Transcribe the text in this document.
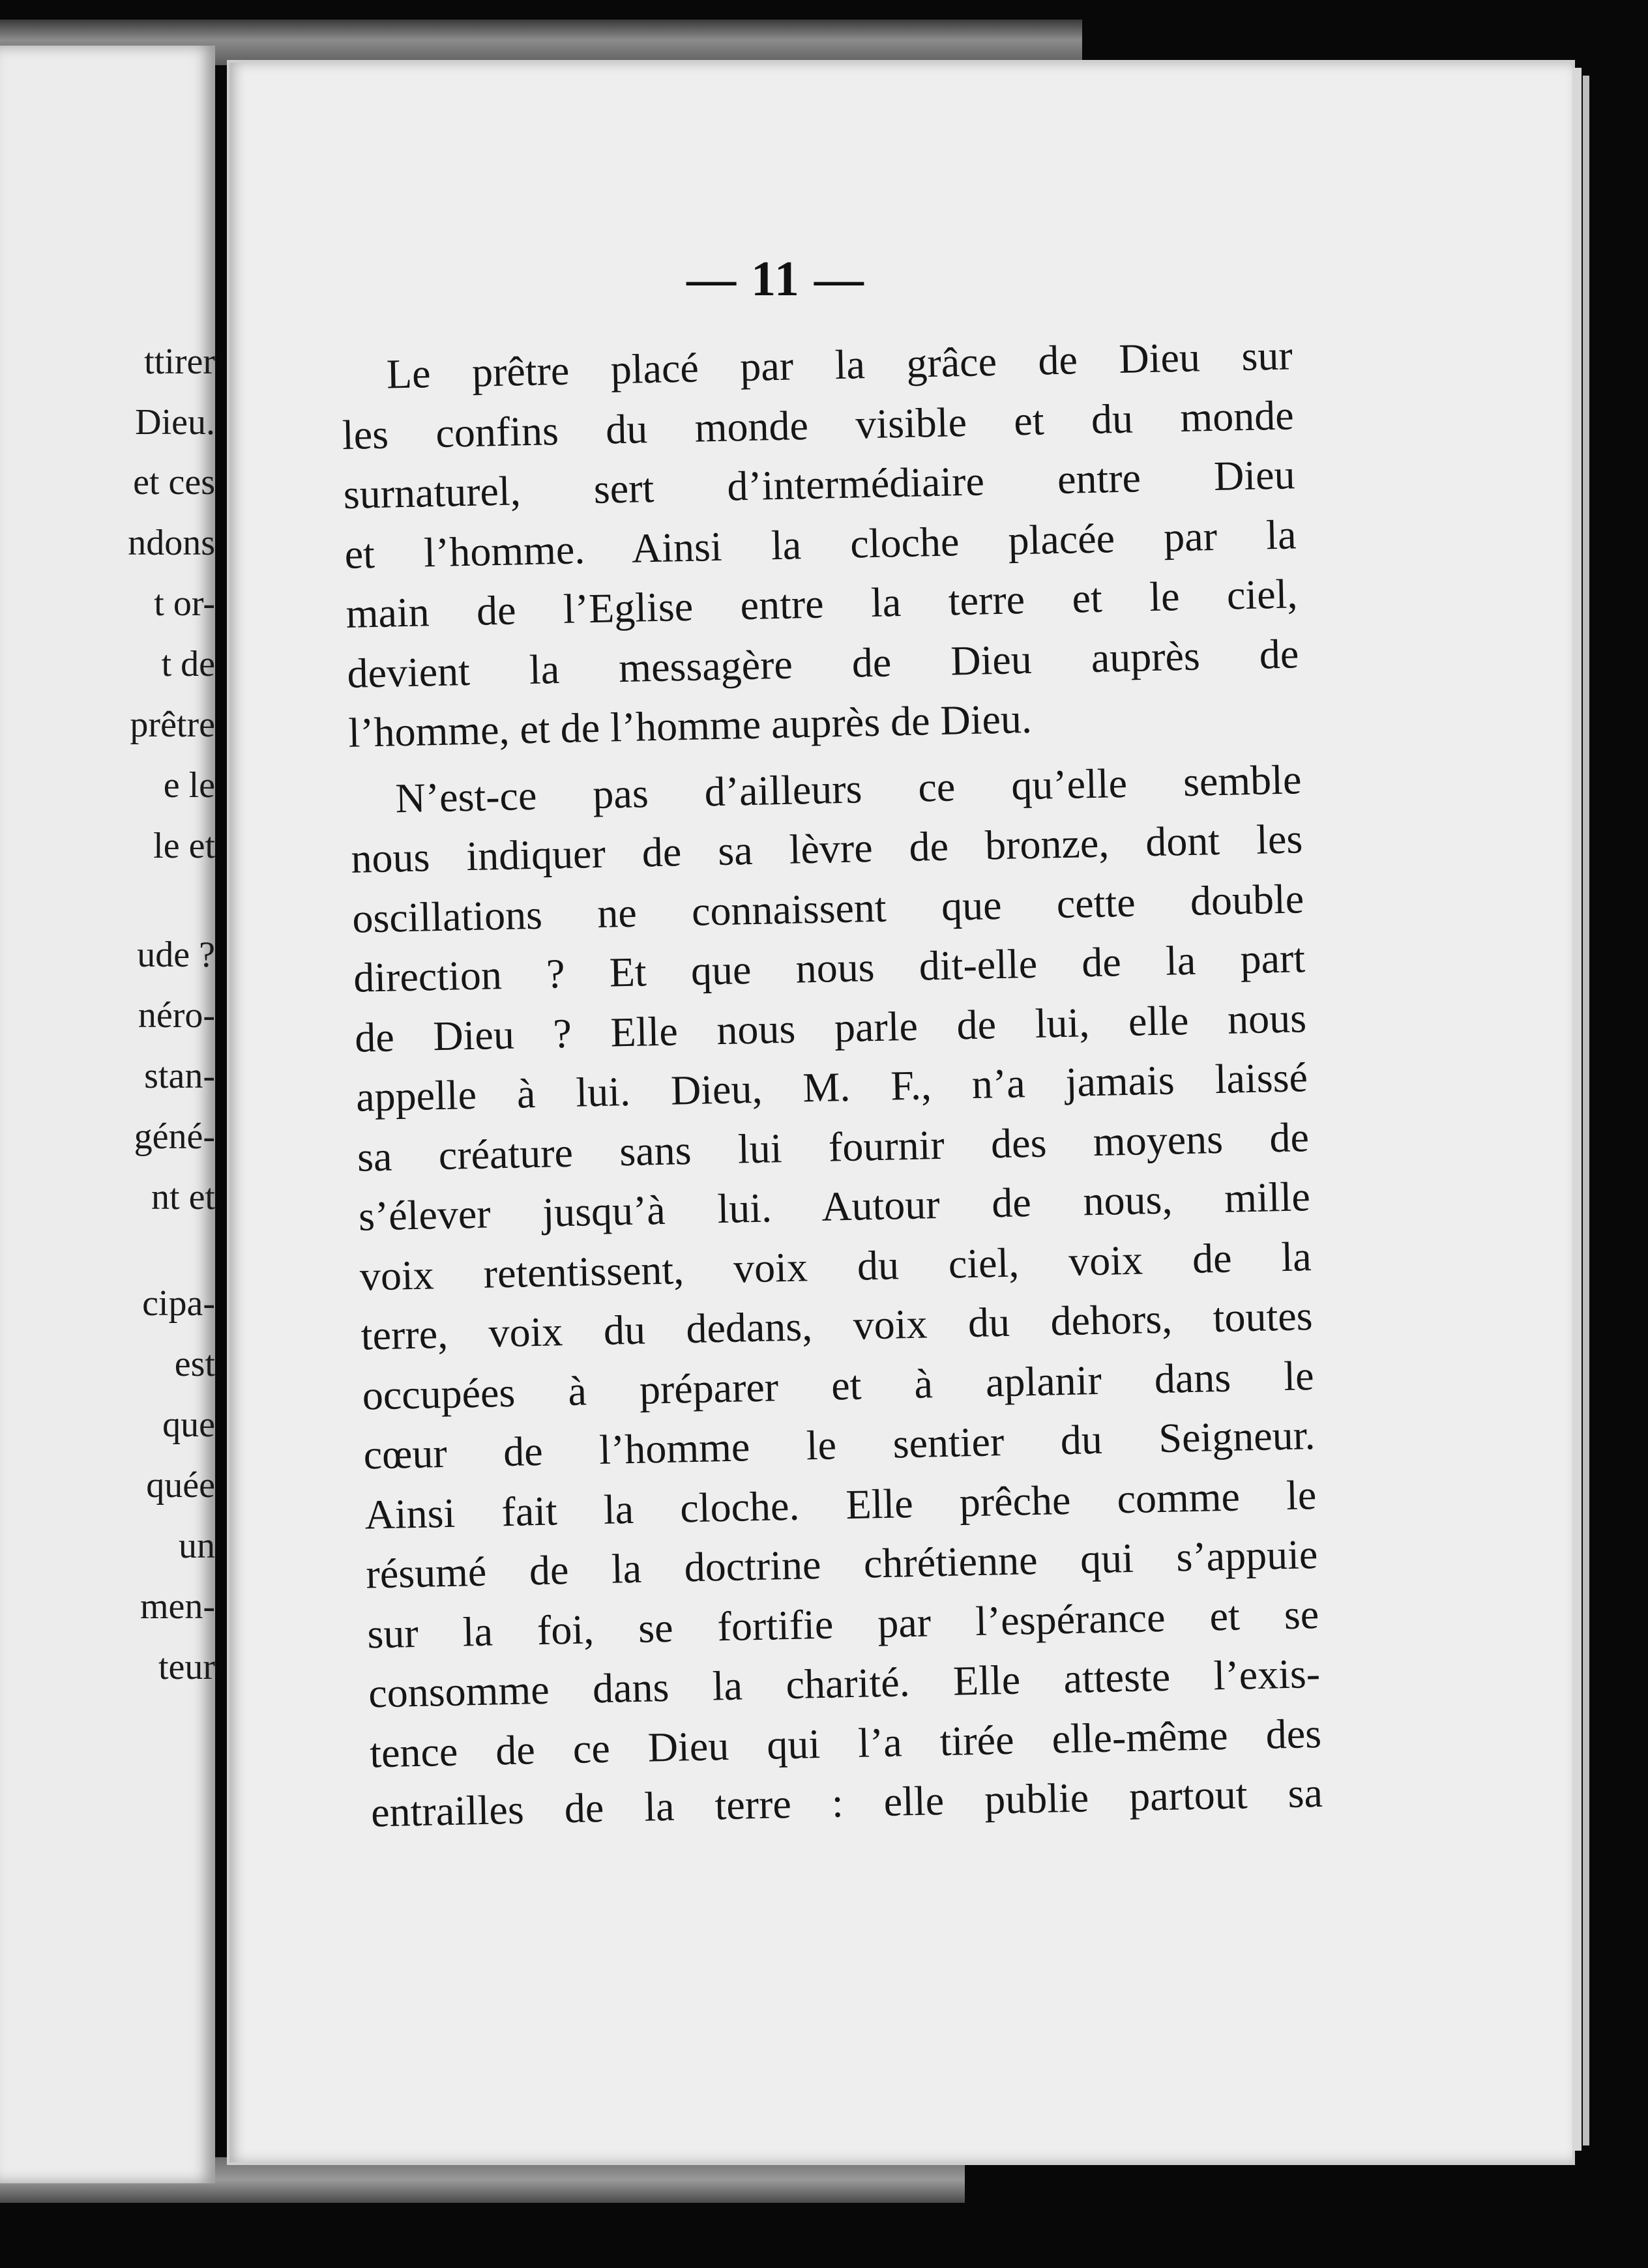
ttirer
Dieu.
et ces
ndons
t or-
t de
prêtre
e le
le et
ude ?
néro-
stan-
géné-
nt et
cipa-
est
que
quée
un
men-
teur
— 11 —
Le prêtre placé par la grâce de Dieu sur
les confins du monde visible et du monde
surnaturel, sert d’intermédiaire entre Dieu
et l’homme. Ainsi la cloche placée par la
main de l’Eglise entre la terre et le ciel,
devient la messagère de Dieu auprès de
l’homme, et de l’homme auprès de Dieu.
N’est-ce pas d’ailleurs ce qu’elle semble
nous indiquer de sa lèvre de bronze, dont les
oscillations ne connaissent que cette double
direction ? Et que nous dit-elle de la part
de Dieu ? Elle nous parle de lui, elle nous
appelle à lui. Dieu, M. F., n’a jamais laissé
sa créature sans lui fournir des moyens de
s’élever jusqu’à lui. Autour de nous, mille
voix retentissent, voix du ciel, voix de la
terre, voix du dedans, voix du dehors, toutes
occupées à préparer et à aplanir dans le
cœur de l’homme le sentier du Seigneur.
Ainsi fait la cloche. Elle prêche comme le
résumé de la doctrine chrétienne qui s’appuie
sur la foi, se fortifie par l’espérance et se
consomme dans la charité. Elle atteste l’exis-
tence de ce Dieu qui l’a tirée elle-même des
entrailles de la terre : elle publie partout sa
